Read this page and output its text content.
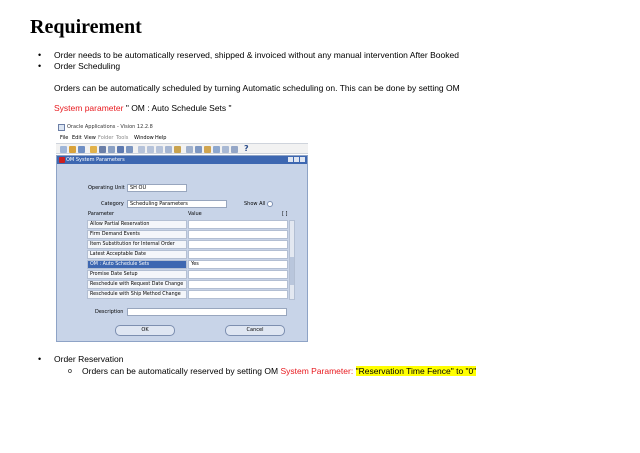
Requirement
• Order needs to be automatically reserved, shipped & invoiced without any manual intervention After Booked
• Order Scheduling
Orders can be automatically scheduled by turning Automatic scheduling on. This can be done by setting OM
System parameter " OM : Auto Schedule Sets "
Oracle Applications - Vision 12.2.8
File Edit View Folder Tools Window Help
?
OM System Parameters
Operating Unit	SH OU
Category	Scheduling Parameters	Show All
Parameter	Value	[ ]
Allow Partial Reservation
Firm Demand Events
Item Substitution for Internal Order
Latest Acceptable Date
OM : Auto Schedule Sets	Yes
Promise Date Setup
Reschedule with Request Date Change
Reschedule with Ship Method Change
Description
OK	Cancel
• Order Reservation
o Orders can be automatically reserved by setting OM System Parameter: "Reservation Time Fence" to "0"
